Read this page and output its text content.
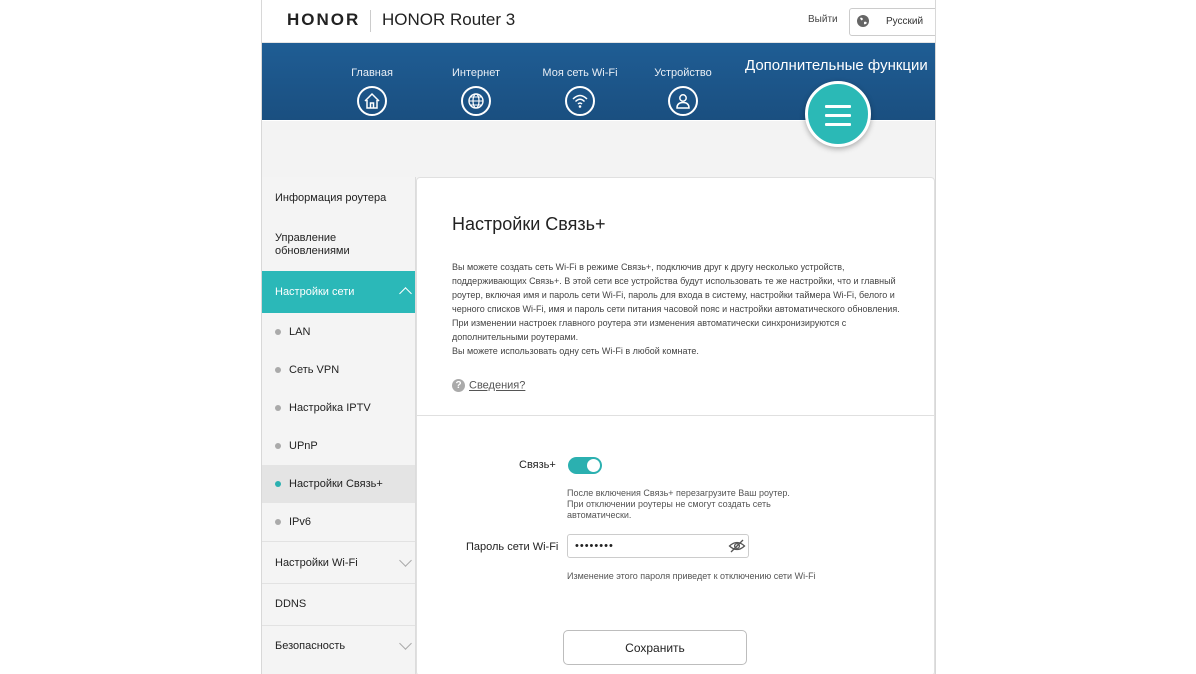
HONOR HONOR Router 3	Выйти	Русский
Главная	Интернет	Моя сеть Wi-Fi	Устройство	Дополнительные функции
Информация роутера
Управление обновлениями
Настройки сети
LAN
Сеть VPN
Настройка IPTV
UPnP
Настройки Связь+
IPv6
Настройки Wi-Fi
DDNS
Безопасность
Настройки Связь+

Вы можете создать сеть Wi-Fi в режиме Связь+, подключив друг к другу несколько устройств, поддерживающих Связь+. В этой сети все устройства будут использовать те же настройки, что и главный роутер, включая имя и пароль сети Wi-Fi, пароль для входа в систему, настройки таймера Wi-Fi, белого и черного списков Wi-Fi, имя и пароль сети питания часовой пояс и настройки автоматического обновления. При изменении настроек главного роутера эти изменения автоматически синхронизируются с дополнительными роутерами.

Вы можете использовать одну сеть Wi-Fi в любой комнате.

? Сведения?
Связь+
После включения Связь+ перезагрузите Ваш роутер. При отключении роутеры не смогут создать сеть автоматически.
Пароль сети Wi-Fi ••••••••
Изменение этого пароля приведет к отключению сети Wi-Fi
Сохранить
